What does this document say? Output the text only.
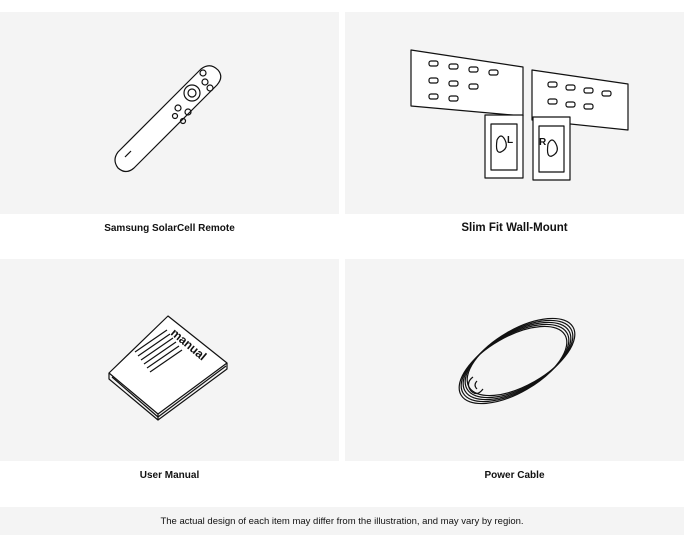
Samsung SolarCell Remote
L	R
Slim Fit Wall-Mount
manual
User Manual	Power Cable
The actual design of each item may differ from the illustration, and may vary by region.
